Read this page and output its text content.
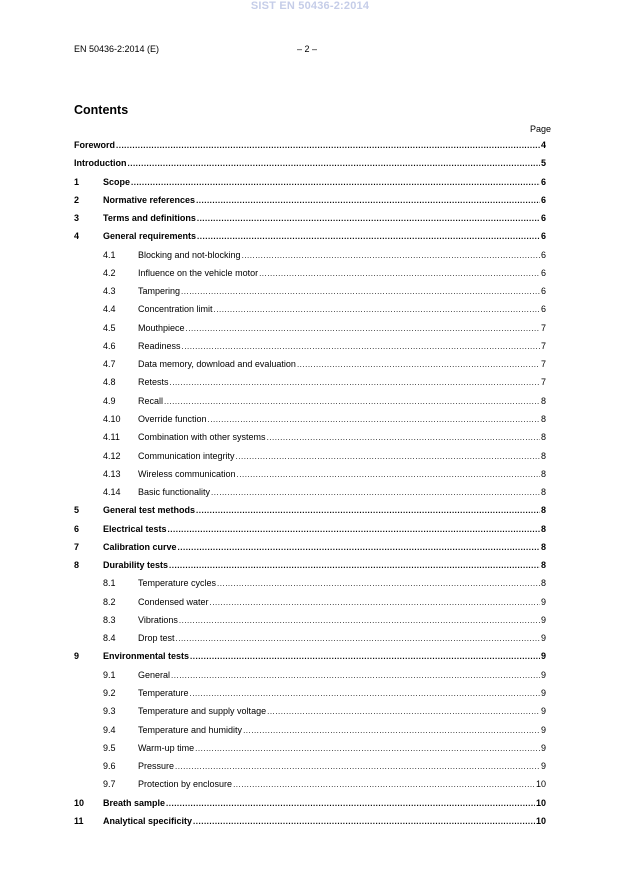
SIST EN 50436-2:2014
EN 50436-2:2014 (E)	– 2 –
Contents
Page
Foreword .....	4
Introduction .....	5
1	Scope .....	6
2	Normative references .....	6
3	Terms and definitions .....	6
4	General requirements .....	6
4.1 Blocking and not-blocking .....	6
4.2 Influence on the vehicle motor .....	6
4.3 Tampering .....	6
4.4 Concentration limit .....	6
4.5 Mouthpiece .....	7
4.6 Readiness .....	7
4.7 Data memory, download and evaluation .....	7
4.8 Retests .....	7
4.9 Recall .....	8
4.10 Override function .....	8
4.11 Combination with other systems .....	8
4.12 Communication integrity .....	8
4.13 Wireless communication .....	8
4.14 Basic functionality .....	8
5	General test methods .....	8
6	Electrical tests .....	8
7	Calibration curve .....	8
8	Durability tests .....	8
8.1 Temperature cycles .....	8
8.2 Condensed water .....	9
8.3 Vibrations .....	9
8.4 Drop test .....	9
9	Environmental tests .....	9
9.1 General .....	9
9.2 Temperature .....	9
9.3 Temperature and supply voltage .....	9
9.4 Temperature and humidity .....	9
9.5 Warm-up time .....	9
9.6 Pressure .....	9
9.7 Protection by enclosure .....	10
10 Breath sample .....	10
11 Analytical specificity .....	10
